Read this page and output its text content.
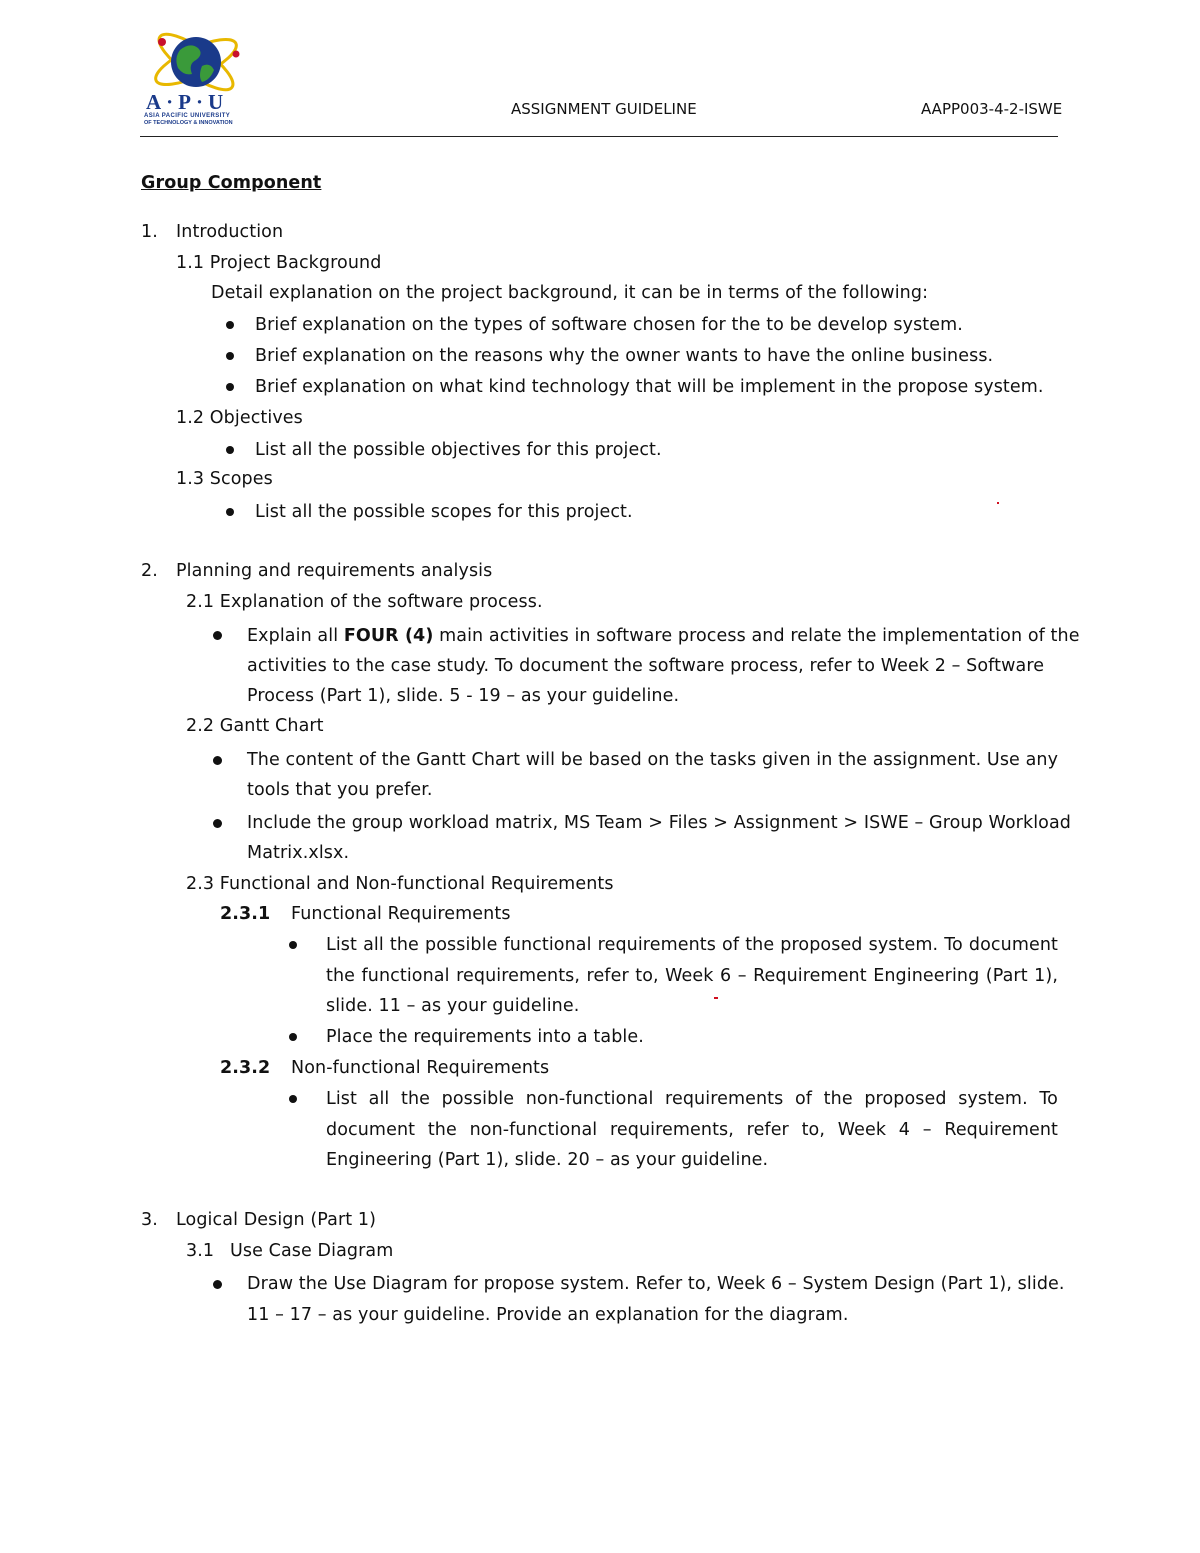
A·P·U
ASIA PACIFIC UNIVERSITY
OF TECHNOLOGY & INNOVATION
ASSIGNMENT GUIDELINE	AAPP003-4-2-ISWE
Group Component
1. Introduction
1.1 Project Background
Detail explanation on the project background, it can be in terms of the following:
Brief explanation on the types of software chosen for the to be develop system.
Brief explanation on the reasons why the owner wants to have the online business.
Brief explanation on what kind technology that will be implement in the propose system.
1.2 Objectives
List all the possible objectives for this project.
1.3 Scopes
List all the possible scopes for this project.
2. Planning and requirements analysis
2.1 Explanation of the software process.
Explain all FOUR (4) main activities in software process and relate the implementation of the
activities to the case study. To document the software process, refer to Week 2 – Software
Process (Part 1), slide. 5 - 19 – as your guideline.
2.2 Gantt Chart
The content of the Gantt Chart will be based on the tasks given in the assignment. Use any
tools that you prefer.
Include the group workload matrix, MS Team > Files > Assignment > ISWE – Group Workload
Matrix.xlsx.
2.3 Functional and Non-functional Requirements
2.3.1 Functional Requirements
List all the possible functional requirements of the proposed system. To document
the functional requirements, refer to, Week 6 – Requirement Engineering (Part 1),
slide. 11 – as your guideline.
Place the requirements into a table.
2.3.2 Non-functional Requirements
List all the possible non-functional requirements of the proposed system. To
document the non-functional requirements, refer to, Week 4 – Requirement
Engineering (Part 1), slide. 20 – as your guideline.
3. Logical Design (Part 1)
3.1 Use Case Diagram
Draw the Use Diagram for propose system. Refer to, Week 6 – System Design (Part 1), slide.
11 – 17 – as your guideline. Provide an explanation for the diagram.
